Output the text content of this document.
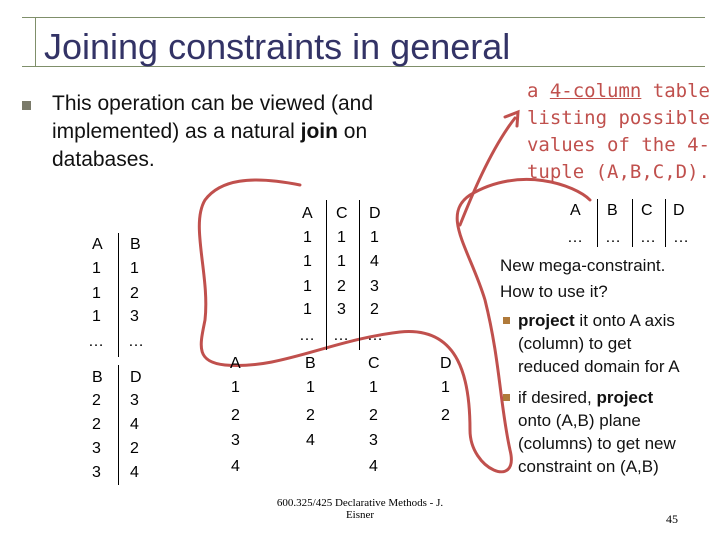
Joining constraints in general
This operation can be viewed (and implemented) as a natural join on databases.
a 4-column table
listing possible
values of the 4-
tuple (A,B,C,D).
A B
1 1
1 2
1 3
… …
B D
2 3
2 4
3 2
3 4
A C D
1 1 1
1 1 4
1 2 3
1 3 2
… … …
A
1
2
3
4
B
1
2
4
C
1
2
3
4
D
1
2
A B C D
… … … …
New mega-constraint.
How to use it?
project it onto A axis
(column) to get
reduced domain for A
if desired, project
onto (A,B) plane
(columns) to get new
constraint on (A,B)
600.325/425 Declarative Methods - J.
Eisner	45
